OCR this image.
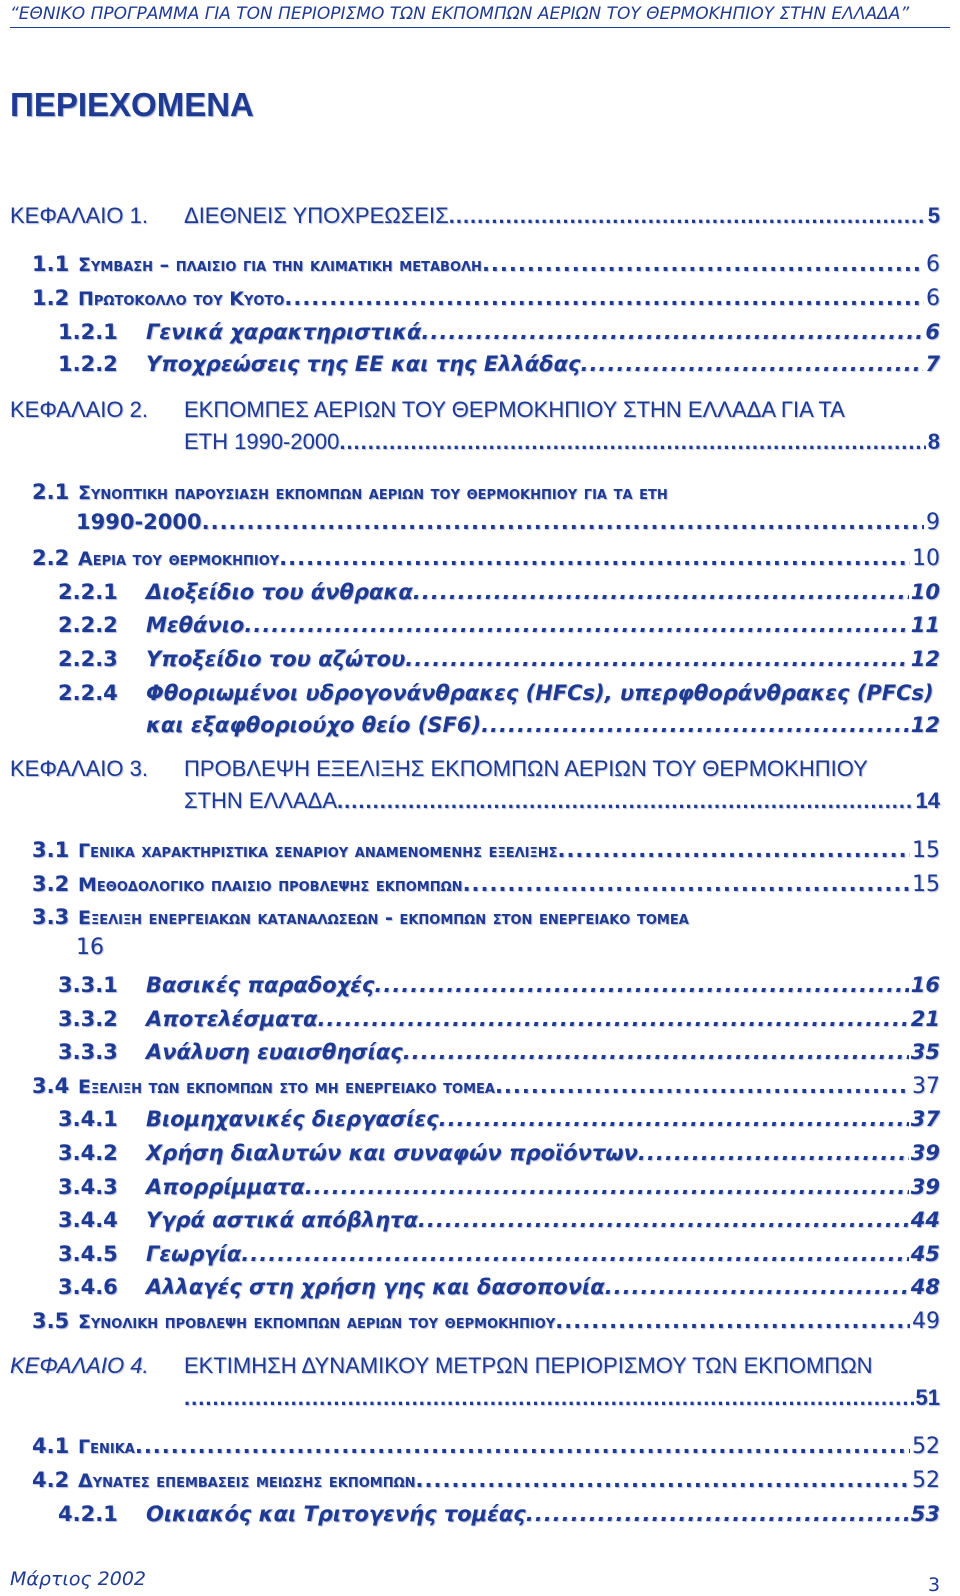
“ΕΘΝΙΚΟ ΠΡΟΓΡΑΜΜΑ ΓΙΑ ΤΟΝ ΠΕΡΙΟΡΙΣΜΟ ΤΩΝ ΕΚΠΟΜΠΩΝ ΑΕΡΙΩΝ ΤΟΥ ΘΕΡΜΟΚΗΠΙΟΥ ΣΤΗΝ ΕΛΛΑΔΑ”
ΠΕΡΙΕΧΟΜΕΝΑ
ΚΕΦΑΛΑΙΟ 1.	ΔΙΕΘΝΕΙΣ ΥΠΟΧΡΕΩΣΕΙΣ .....	5
1.1 Συμβαση – πλαισιο για την κλιματικη μεταβολη .....	6
1.2 Πρωτοκολλο του Κυοτο .....	6
1.2.1	Γενικά χαρακτηριστικά .....	6
1.2.2	Υποχρεώσεις της ΕΕ και της Ελλάδας .....	7
ΚΕΦΑΛΑΙΟ 2.	ΕΚΠΟΜΠΕΣ ΑΕΡΙΩΝ ΤΟΥ ΘΕΡΜΟΚΗΠΙΟΥ ΣΤΗΝ ΕΛΛΑΔΑ ΓΙΑ ΤΑ
ΕΤΗ 1990-2000 .....	8
2.1 Συνοπτικη παρουσιαση εκπομπων αεριων του θερμοκηπιου για τα ετη
1990-2000 .....	9
2.2 Αερια του θερμοκηπιου .....	10
2.2.1	Διοξείδιο του άνθρακα .....	10
2.2.2	Μεθάνιο .....	11
2.2.3	Υποξείδιο του αζώτου .....	12
2.2.4	Φθοριωμένοι υδρογονάνθρακες (HFCs), υπερφθοράνθρακες (PFCs)
και εξαφθοριούχο θείο (SF6) .....	12
ΚΕΦΑΛΑΙΟ 3.	ΠΡΟΒΛΕΨΗ ΕΞΕΛΙΞΗΣ ΕΚΠΟΜΠΩΝ ΑΕΡΙΩΝ ΤΟΥ ΘΕΡΜΟΚΗΠΙΟΥ
ΣΤΗΝ ΕΛΛΑΔΑ .....	14
3.1 Γενικα χαρακτηριστικα σεναριου αναμενομενης εξελιξης .....	15
3.2 Μεθοδολογικο πλαισιο προβλεψης εκπομπων .....	15
3.3 Εξελιξη ενεργειακων καταναλωσεων - εκπομπων στον ενεργειακο τομεα
16
3.3.1	Βασικές παραδοχές .....	16
3.3.2	Αποτελέσματα .....	21
3.3.3	Ανάλυση ευαισθησίας .....	35
3.4 Εξελιξη των εκπομπων στο μη ενεργειακο τομεα .....	37
3.4.1	Βιομηχανικές διεργασίες .....	37
3.4.2	Χρήση διαλυτών και συναφών προϊόντων .....	39
3.4.3	Απορρίμματα .....	39
3.4.4	Υγρά αστικά απόβλητα .....	44
3.4.5	Γεωργία .....	45
3.4.6	Αλλαγές στη χρήση γης και δασοπονία .....	48
3.5 Συνολικη προβλεψη εκπομπων αεριων του θερμοκηπιου .....	49
ΚΕΦΑΛΑΙΟ 4.	ΕΚΤΙΜΗΣΗ ΔΥΝΑΜΙΚΟΥ ΜΕΤΡΩΝ ΠΕΡΙΟΡΙΣΜΟΥ ΤΩΝ ΕΚΠΟΜΠΩΝ
.....
51
4.1 Γενικα .....	52
4.2 Δυνατες επεμβασεις μειωσης εκπομπων .....	52
4.2.1	Οικιακός και Τριτογενής τομέας .....	53
Μάρτιος 2002	3
